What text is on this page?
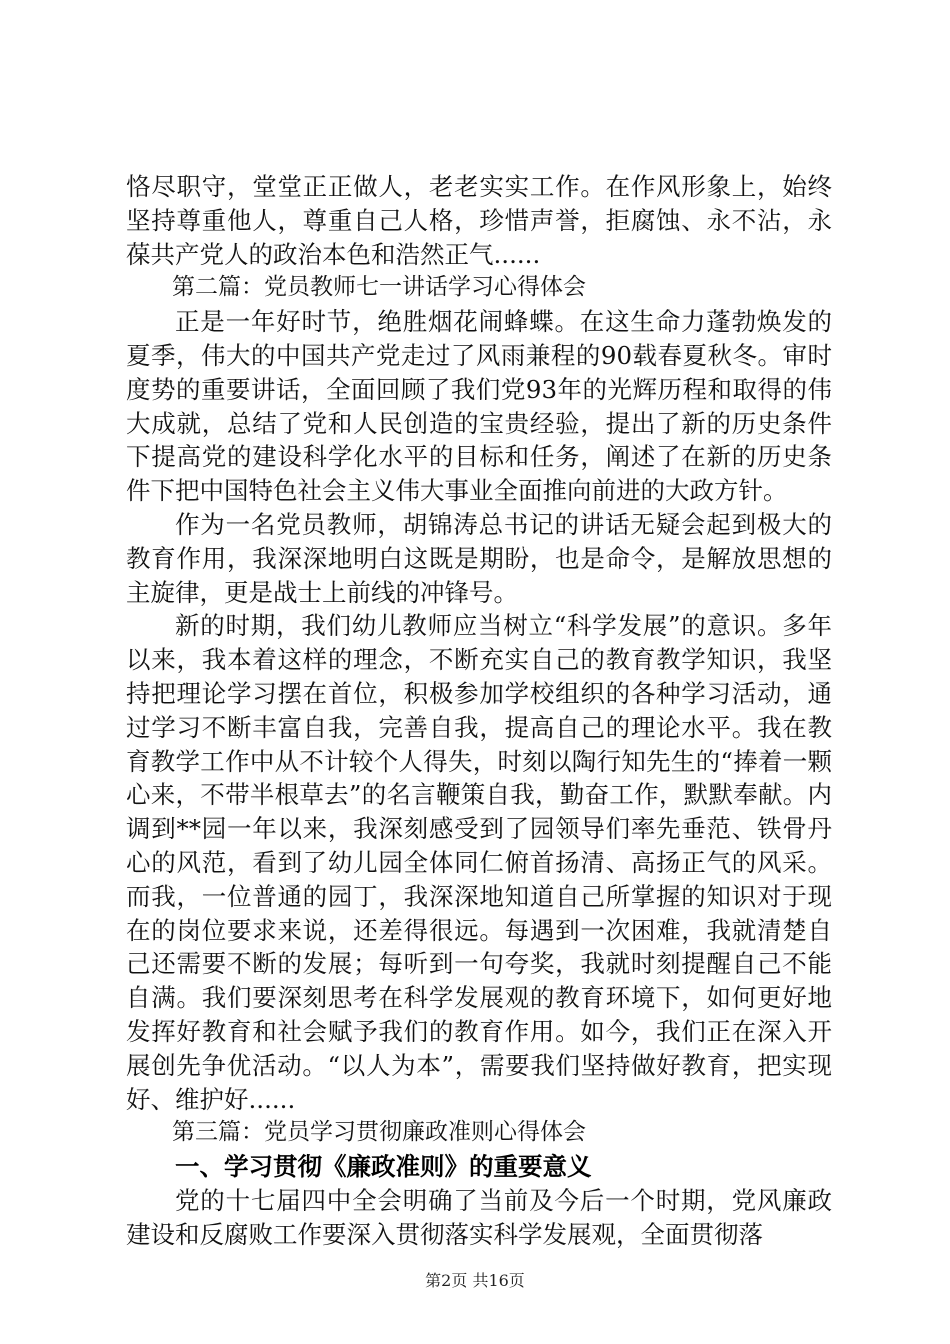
恪尽职守，堂堂正正做人，老老实实工作。在作风形象上，始终坚持尊重他人，尊重自己人格，珍惜声誉，拒腐蚀、永不沾，永葆共产党人的政治本色和浩然正气......

第二篇：党员教师七一讲话学习心得体会

正是一年好时节，绝胜烟花闹蜂蝶。在这生命力蓬勃焕发的夏季，伟大的中国共产党走过了风雨兼程的90载春夏秋冬。审时度势的重要讲话，全面回顾了我们党93年的光辉历程和取得的伟大成就，总结了党和人民创造的宝贵经验，提出了新的历史条件下提高党的建设科学化水平的目标和任务，阐述了在新的历史条件下把中国特色社会主义伟大事业全面推向前进的大政方针。

作为一名党员教师，胡锦涛总书记的讲话无疑会起到极大的教育作用，我深深地明白这既是期盼，也是命令，是解放思想的主旋律，更是战士上前线的冲锋号。

新的时期，我们幼儿教师应当树立“科学发展”的意识。多年以来，我本着这样的理念，不断充实自己的教育教学知识，我坚持把理论学习摆在首位，积极参加学校组织的各种学习活动，通过学习不断丰富自我，完善自我，提高自己的理论水平。我在教育教学工作中从不计较个人得失，时刻以陶行知先生的“捧着一颗心来，不带半根草去”的名言鞭策自我，勤奋工作，默默奉献。内调到**园一年以来，我深刻感受到了园领导们率先垂范、铁骨丹心的风范，看到了幼儿园全体同仁俯首扬清、高扬正气的风采。而我，一位普通的园丁，我深深地知道自己所掌握的知识对于现在的岗位要求来说，还差得很远。每遇到一次困难，我就清楚自己还需要不断的发展；每听到一句夸奖，我就时刻提醒自己不能自满。我们要深刻思考在科学发展观的教育环境下，如何更好地发挥好教育和社会赋予我们的教育作用。如今，我们正在深入开展创先争优活动。“以人为本”，需要我们坚持做好教育，把实现好、维护好......

第三篇：党员学习贯彻廉政准则心得体会

一、学习贯彻《廉政准则》的重要意义

党的十七届四中全会明确了当前及今后一个时期，党风廉政建设和反腐败工作要深入贯彻落实科学发展观，全面贯彻落

第2页 共16页
